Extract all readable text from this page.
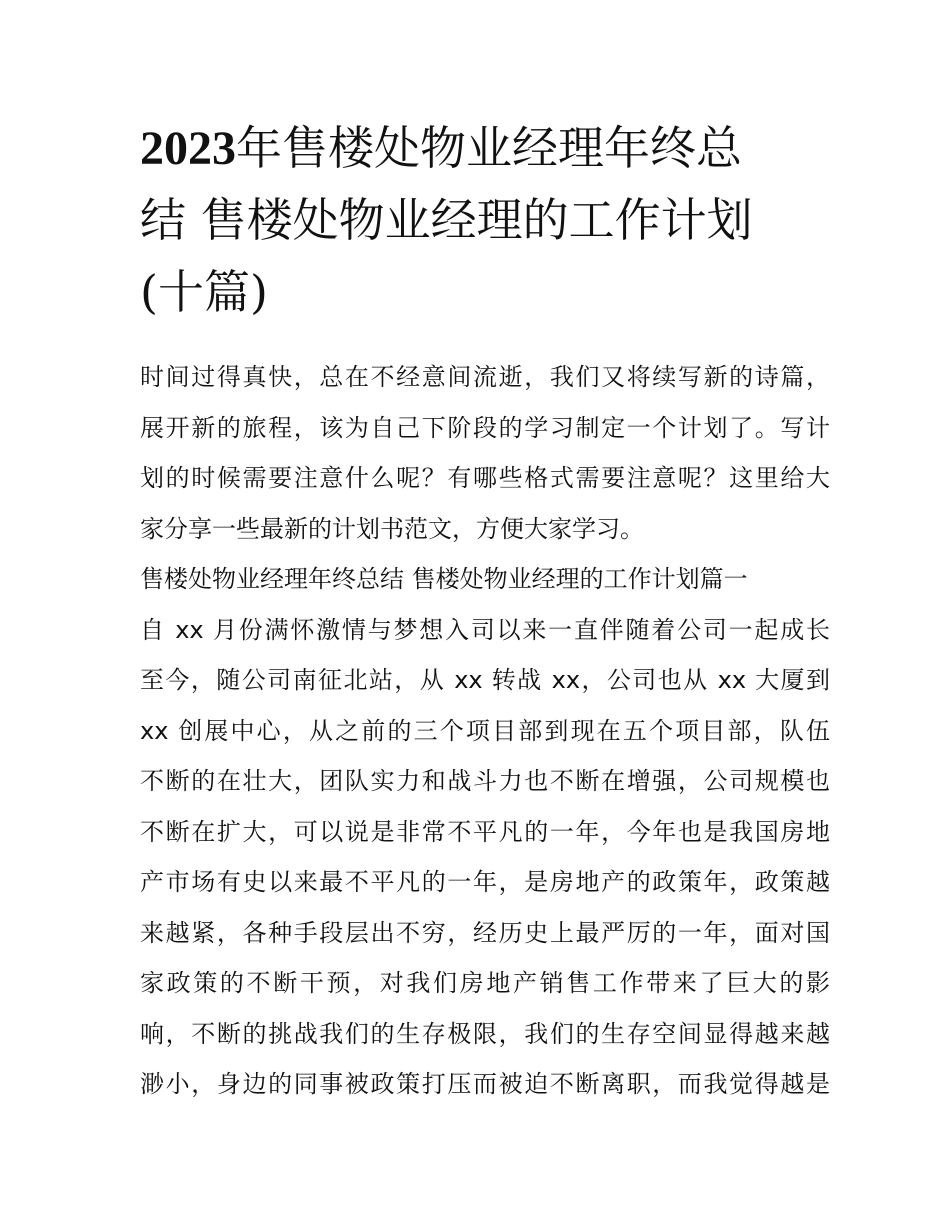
2023年售楼处物业经理年终总
结 售楼处物业经理的工作计划
(十篇)
时间过得真快，总在不经意间流逝，我们又将续写新的诗篇，
展开新的旅程，该为自己下阶段的学习制定一个计划了。写计
划的时候需要注意什么呢？有哪些格式需要注意呢？这里给大
家分享一些最新的计划书范文，方便大家学习。
售楼处物业经理年终总结 售楼处物业经理的工作计划篇一
自 xx 月份满怀激情与梦想入司以来一直伴随着公司一起成长
至今，随公司南征北站，从 xx 转战 xx，公司也从 xx 大厦到
xx 创展中心，从之前的三个项目部到现在五个项目部，队伍
不断的在壮大，团队实力和战斗力也不断在增强，公司规模也
不断在扩大，可以说是非常不平凡的一年，今年也是我国房地
产市场有史以来最不平凡的一年，是房地产的政策年，政策越
来越紧，各种手段层出不穷，经历史上最严厉的一年，面对国
家政策的不断干预，对我们房地产销售工作带来了巨大的影
响，不断的挑战我们的生存极限，我们的生存空间显得越来越
渺小，身边的同事被政策打压而被迫不断离职，而我觉得越是
